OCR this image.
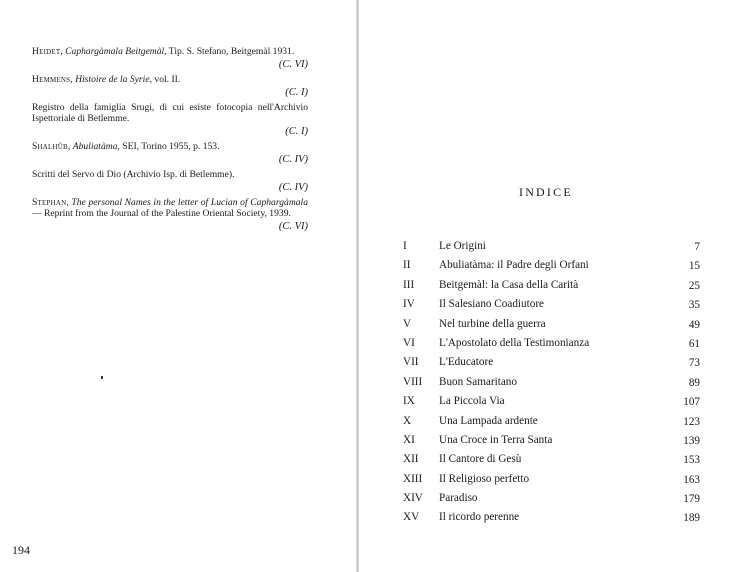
Heidet, Caphargàmala Beitgemàl, Tip. S. Stefano, Beitgemàl 1931.
(C. VI)
Hemmens, Histoire de la Syrie, vol. II.
(C. I)
Registro della famiglia Srugi, di cui esiste fotocopia nell'Archivio Ispettoriale di Betlemme.
(C. I)
Shalhûb, Abuliatàma, SEI, Torino 1955, p. 153.
(C. IV)
Scritti del Servo di Dio (Archivio Isp. di Betlemme).
(C. IV)
Stephan, The personal Names in the letter of Lucian of Caphargàmala — Reprint from the Journal of the Palestine Oriental Society, 1939.
(C. VI)
194
INDICE
I	Le Origini	7
II	Abuliatàma: il Padre degli Orfani	15
III Beitgemàl: la Casa della Carità	25
IV Il Salesiano Coadiutore	35
V Nel turbine della guerra	49
VI L'Apostolato della Testimonianza	61
VII L'Educatore	73
VIII Buon Samaritano	89
IX La Piccola Via	107
X Una Lampada ardente	123
XI Una Croce in Terra Santa	139
XII Il Cantore di Gesù	153
XIII Il Religioso perfetto	163
XIV Paradiso	179
XV Il ricordo perenne	189
